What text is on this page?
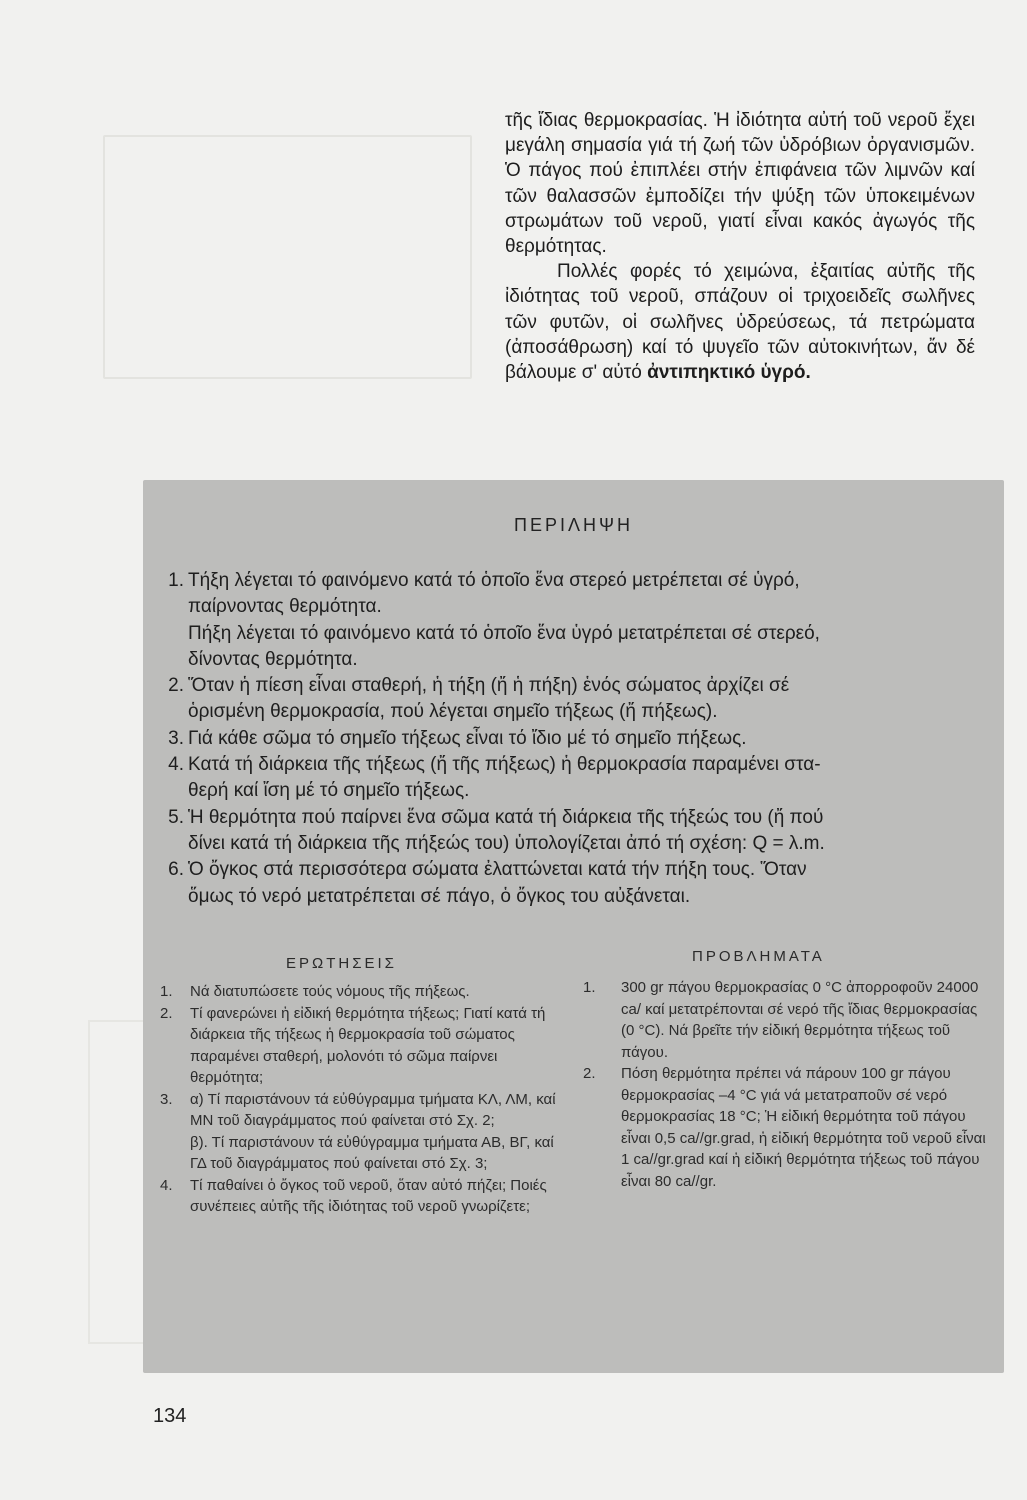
τῆς ἴδιας θερμοκρασίας. Ἡ ἰδιότητα αὐτή τοῦ νεροῦ ἔχει μεγάλη σημασία γιά τή ζωή τῶν ὑδρόβιων ὀργανισμῶν. Ὁ πάγος πού ἐπιπλέει στήν ἐπιφάνεια τῶν λιμνῶν καί τῶν θαλασσῶν ἐμποδίζει τήν ψύξη τῶν ὑποκειμένων στρωμάτων τοῦ νεροῦ, γιατί εἶναι κακός ἀγωγός τῆς θερμότητας.

Πολλές φορές τό χειμώνα, ἐξαιτίας αὐτῆς τῆς ἰδιότητας τοῦ νεροῦ, σπάζουν οἱ τριχοειδεῖς σωλῆνες τῶν φυτῶν, οἱ σωλῆνες ὑδρεύσεως, τά πετρώματα (ἀποσάθρωση) καί τό ψυγεῖο τῶν αὐτοκινήτων, ἄν δέ βάλουμε σ' αὐτό ἀντιπηκτικό ὑγρό.

ΠΕΡΙΛΗΨΗ
1. Τήξη λέγεται τό φαινόμενο κατά τό ὁποῖο ἕνα στερεό μετρέπεται σέ ὑγρό,
παίρνοντας θερμότητα.
Πήξη λέγεται τό φαινόμενο κατά τό ὁποῖο ἕνα ὑγρό μετατρέπεται σέ στερεό,
δίνοντας θερμότητα.
2. Ὅταν ἡ πίεση εἶναι σταθερή, ἡ τήξη (ἤ ἡ πήξη) ἑνός σώματος ἀρχίζει σέ
ὁρισμένη θερμοκρασία, πού λέγεται σημεῖο τήξεως (ἤ πήξεως).
3. Γιά κάθε σῶμα τό σημεῖο τήξεως εἶναι τό ἴδιο μέ τό σημεῖο πήξεως.
4. Κατά τή διάρκεια τῆς τήξεως (ἤ τῆς πήξεως) ἡ θερμοκρασία παραμένει στα-
θερή καί ἴση μέ τό σημεῖο τήξεως.
5. Ἡ θερμότητα πού παίρνει ἕνα σῶμα κατά τή διάρκεια τῆς τήξεώς του (ἤ πού
δίνει κατά τή διάρκεια τῆς πήξεώς του) ὑπολογίζεται ἀπό τή σχέση: Q = λ.m.
6. Ὁ ὄγκος στά περισσότερα σώματα ἐλαττώνεται κατά τήν πήξη τους. Ὅταν
ὅμως τό νερό μετατρέπεται σέ πάγο, ὁ ὄγκος του αὐξάνεται.
ΕΡΩΤΗΣΕΙΣ	ΠΡΟΒΛΗΜΑΤΑ
1. Νά διατυπώσετε τούς νόμους τῆς πήξεως.
2. Τί φανερώνει ἡ εἰδική θερμότητα τήξεως; Γιατί κατά τή διάρκεια τῆς τήξεως ἡ θερμοκρασία τοῦ σώματος παραμένει σταθερή, μολονότι τό σῶμα παίρνει θερμότητα;
3. α) Τί παριστάνουν τά εὐθύγραμμα τμήματα ΚΛ, ΛΜ, καί ΜΝ τοῦ διαγράμματος πού φαίνεται στό Σχ. 2;
β). Τί παριστάνουν τά εὐθύγραμμα τμήματα ΑΒ, ΒΓ, καί ΓΔ τοῦ διαγράμματος πού φαίνεται στό Σχ. 3;
4. Τί παθαίνει ὁ ὄγκος τοῦ νεροῦ, ὅταν αὐτό πήζει; Ποιές συνέπειες αὐτῆς τῆς ἰδιότητας τοῦ νεροῦ γνωρίζετε;
1. 300 gr πάγου θερμοκρασίας 0 °C ἀπορροφοῦν 24000 ca/ καί μετατρέπονται σέ νερό τῆς ἴδιας θερμοκρασίας (0 °C). Νά βρεῖτε τήν εἰδική θερμότητα τήξεως τοῦ πάγου.
2. Πόση θερμότητα πρέπει νά πάρουν 100 gr πάγου θερμοκρασίας –4 °C γιά νά μετατραποῦν σέ νερό θερμοκρασίας 18 °C; Ἡ εἰδική θερμότητα τοῦ πάγου εἶναι 0,5 ca//gr.grad, ἡ εἰδική θερμότητα τοῦ νεροῦ εἶναι 1 ca//gr.grad καί ἡ εἰδική θερμότητα τήξεως τοῦ πάγου εἶναι 80 ca//gr.
134
